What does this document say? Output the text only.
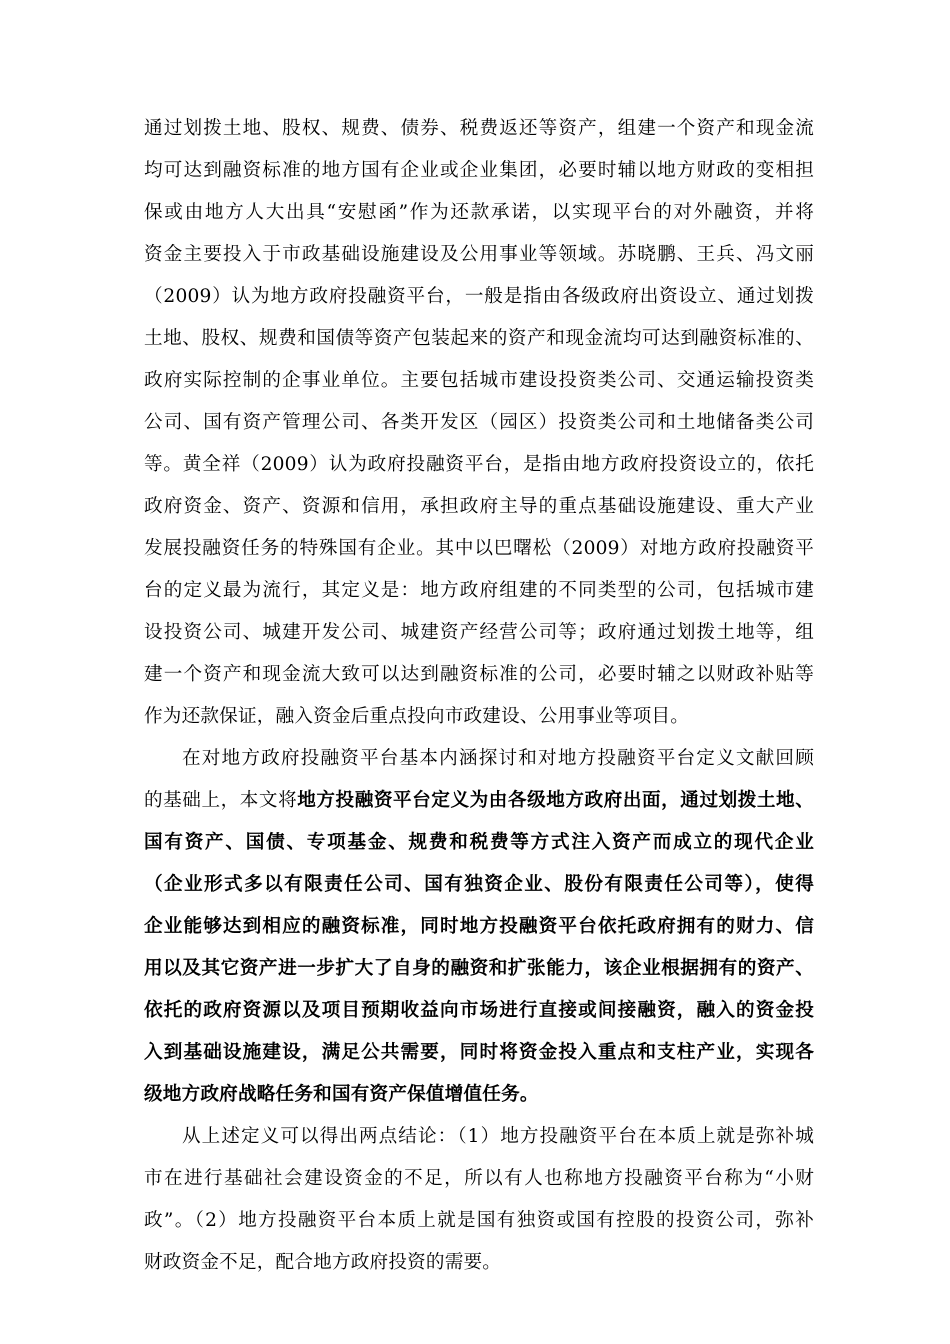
通过划拨土地、股权、规费、债券、税费返还等资产，组建一个资产和现金流
均可达到融资标准的地方国有企业或企业集团，必要时辅以地方财政的变相担
保或由地方人大出具“安慰函”作为还款承诺，以实现平台的对外融资，并将
资金主要投入于市政基础设施建设及公用事业等领域。苏晓鹏、王兵、冯文丽
（2009）认为地方政府投融资平台，一般是指由各级政府出资设立、通过划拨
土地、股权、规费和国债等资产包装起来的资产和现金流均可达到融资标准的、
政府实际控制的企事业单位。主要包括城市建设投资类公司、交通运输投资类
公司、国有资产管理公司、各类开发区（园区）投资类公司和土地储备类公司
等。黄全祥（2009）认为政府投融资平台，是指由地方政府投资设立的，依托
政府资金、资产、资源和信用，承担政府主导的重点基础设施建设、重大产业
发展投融资任务的特殊国有企业。其中以巴曙松（2009）对地方政府投融资平
台的定义最为流行，其定义是：地方政府组建的不同类型的公司，包括城市建
设投资公司、城建开发公司、城建资产经营公司等；政府通过划拨土地等，组
建一个资产和现金流大致可以达到融资标准的公司，必要时辅之以财政补贴等
作为还款保证，融入资金后重点投向市政建设、公用事业等项目。
在对地方政府投融资平台基本内涵探讨和对地方投融资平台定义文献回顾
的基础上，本文将地方投融资平台定义为由各级地方政府出面，通过划拨土地、
国有资产、国债、专项基金、规费和税费等方式注入资产而成立的现代企业
（企业形式多以有限责任公司、国有独资企业、股份有限责任公司等），使得
企业能够达到相应的融资标准，同时地方投融资平台依托政府拥有的财力、信
用以及其它资产进一步扩大了自身的融资和扩张能力，该企业根据拥有的资产、
依托的政府资源以及项目预期收益向市场进行直接或间接融资，融入的资金投
入到基础设施建设，满足公共需要，同时将资金投入重点和支柱产业，实现各
级地方政府战略任务和国有资产保值增值任务。
从上述定义可以得出两点结论：（1）地方投融资平台在本质上就是弥补城
市在进行基础社会建设资金的不足，所以有人也称地方投融资平台称为“小财
政”。（2）地方投融资平台本质上就是国有独资或国有控股的投资公司，弥补
财政资金不足，配合地方政府投资的需要。
